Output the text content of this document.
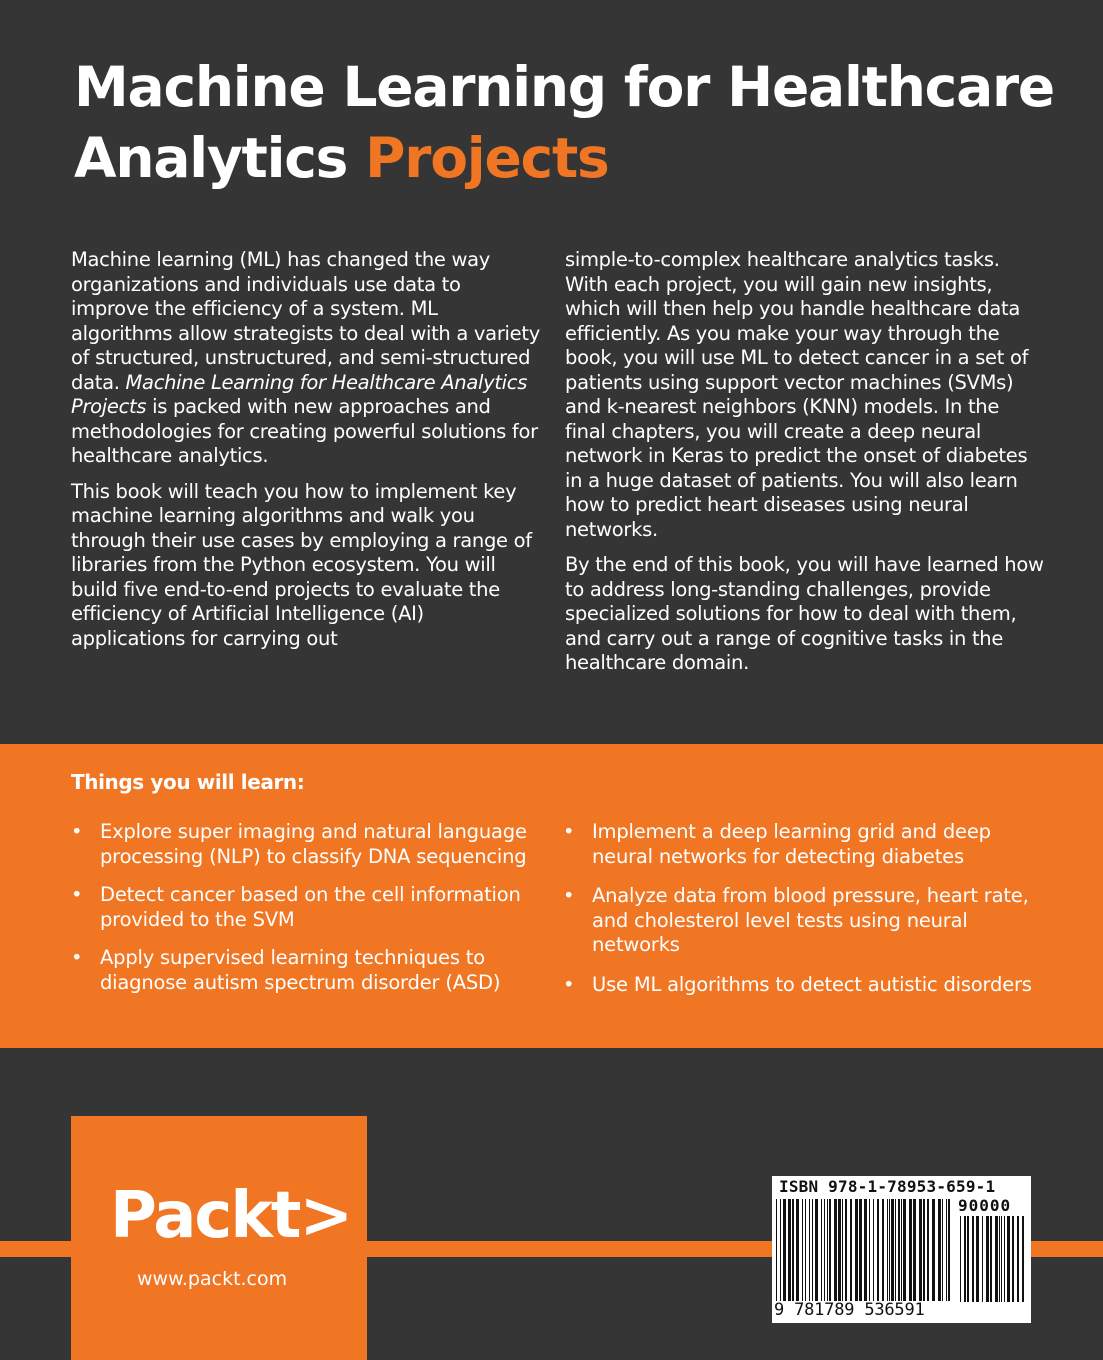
Machine Learning for Healthcare
Analytics Projects

Machine learning (ML) has changed the way organizations and individuals use data to improve the efficiency of a system. ML algorithms allow strategists to deal with a variety of structured, unstructured, and semi-structured data. Machine Learning for Healthcare Analytics Projects is packed with new approaches and methodologies for creating powerful solutions for healthcare analytics.

This book will teach you how to implement key machine learning algorithms and walk you through their use cases by employing a range of libraries from the Python ecosystem. You will build five end-to-end projects to evaluate the efficiency of Artificial Intelligence (AI) applications for carrying out

simple-to-complex healthcare analytics tasks. With each project, you will gain new insights, which will then help you handle healthcare data efficiently. As you make your way through the book, you will use ML to detect cancer in a set of patients using support vector machines (SVMs) and k-nearest neighbors (KNN) models. In the final chapters, you will create a deep neural network in Keras to predict the onset of diabetes in a huge dataset of patients. You will also learn how to predict heart diseases using neural networks.

By the end of this book, you will have learned how to address long-standing challenges, provide specialized solutions for how to deal with them, and carry out a range of cognitive tasks in the healthcare domain.

Things you will learn:
• Explore super imaging and natural language processing (NLP) to classify DNA sequencing
• Detect cancer based on the cell information provided to the SVM
• Apply supervised learning techniques to diagnose autism spectrum disorder (ASD)
• Implement a deep learning grid and deep neural networks for detecting diabetes
• Analyze data from blood pressure, heart rate, and cholesterol level tests using neural networks
• Use ML algorithms to detect autistic disorders
Packt>
www.packt.com
ISBN 978-1-78953-659-1
90000
9 781789 536591
